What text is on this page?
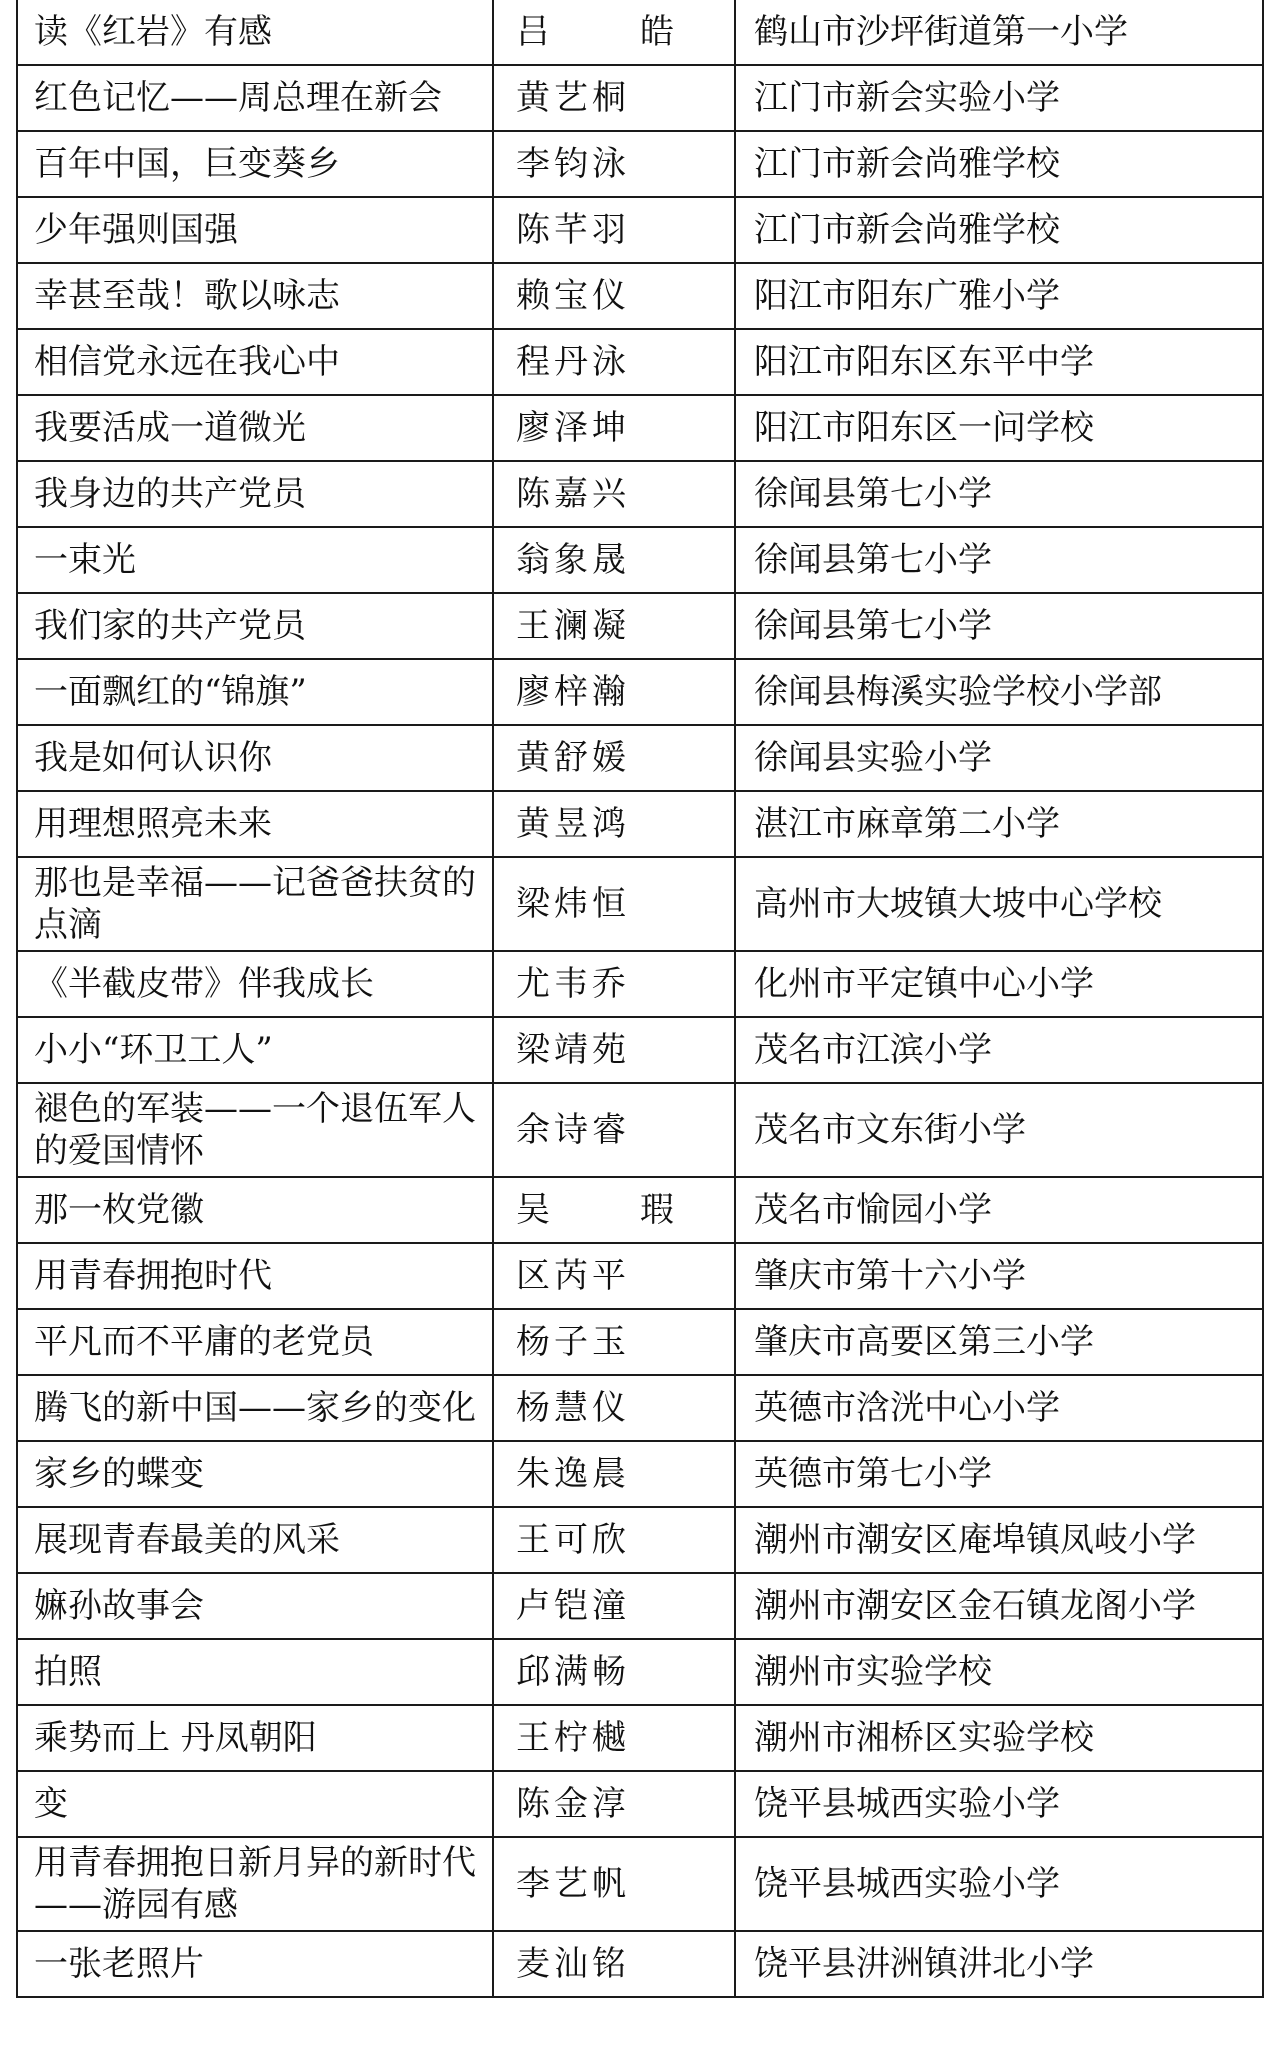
读《红岩》有感	吕　皓	鹤山市沙坪街道第一小学
红色记忆——周总理在新会	黄艺桐	江门市新会实验小学
百年中国，巨变葵乡	李钧泳	江门市新会尚雅学校
少年强则国强	陈芊羽	江门市新会尚雅学校
幸甚至哉！歌以咏志	赖宝仪	阳江市阳东广雅小学
相信党永远在我心中	程丹泳	阳江市阳东区东平中学
我要活成一道微光	廖泽坤	阳江市阳东区一问学校
我身边的共产党员	陈嘉兴	徐闻县第七小学
一束光	翁象晟	徐闻县第七小学
我们家的共产党员	王澜凝	徐闻县第七小学
一面飘红的“锦旗”	廖梓瀚	徐闻县梅溪实验学校小学部
我是如何认识你	黄舒媛	徐闻县实验小学
用理想照亮未来	黄昱鸿	湛江市麻章第二小学
那也是幸福——记爸爸扶贫的点滴	梁炜恒	高州市大坡镇大坡中心学校
《半截皮带》伴我成长	尤韦乔	化州市平定镇中心小学
小小“环卫工人”	梁靖苑	茂名市江滨小学
褪色的军装——一个退伍军人的爱国情怀	余诗睿	茂名市文东街小学
那一枚党徽	吴　瑕	茂名市愉园小学
用青春拥抱时代	区芮平	肇庆市第十六小学
平凡而不平庸的老党员	杨子玉	肇庆市高要区第三小学
腾飞的新中国——家乡的变化	杨慧仪	英德市浛洸中心小学
家乡的蝶变	朱逸晨	英德市第七小学
展现青春最美的风采	王可欣	潮州市潮安区庵埠镇凤岐小学
嫲孙故事会	卢铠潼	潮州市潮安区金石镇龙阁小学
拍照	邱满畅	潮州市实验学校
乘势而上 丹凤朝阳	王柠樾	潮州市湘桥区实验学校
变	陈金淳	饶平县城西实验小学
用青春拥抱日新月异的新时代——游园有感	李艺帆	饶平县城西实验小学
一张老照片	麦汕铭	饶平县汫洲镇汫北小学
